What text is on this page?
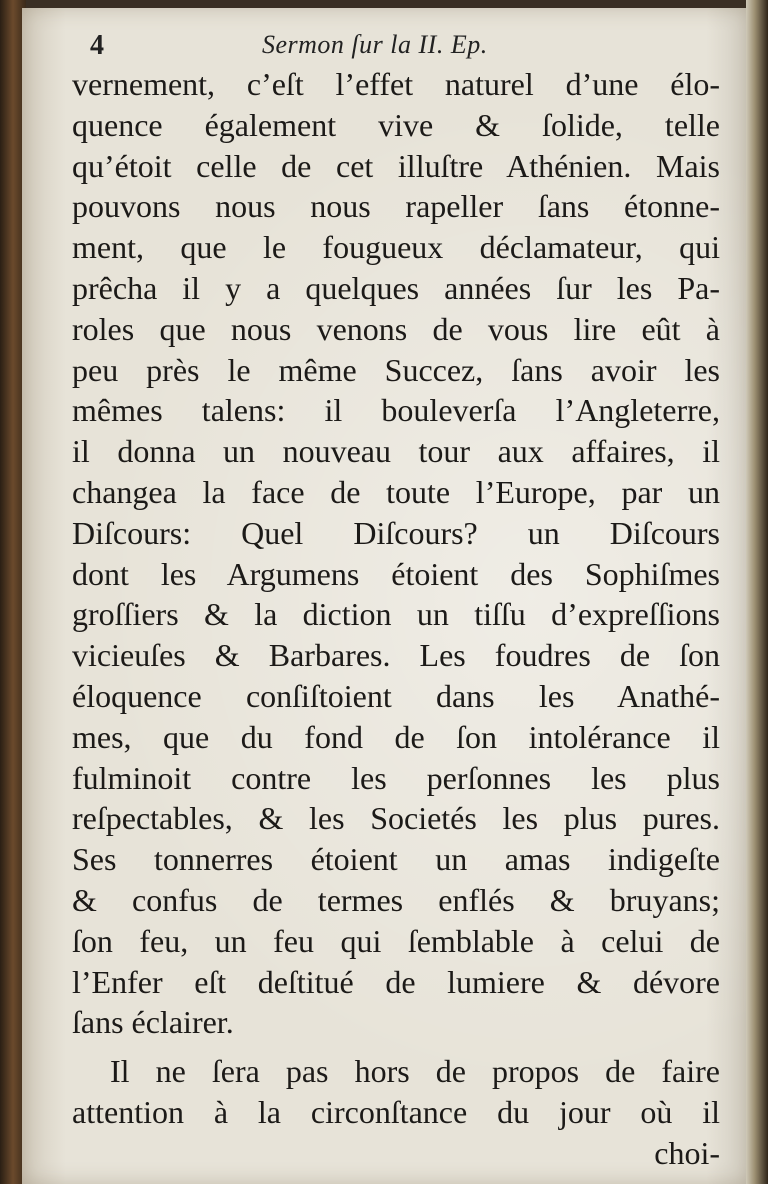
4	Sermon ſur la II. Ep.
vernement, c’eſt l’effet naturel d’une élo-
quence également vive & ſolide, telle
qu’étoit celle de cet illuſtre Athénien. Mais
pouvons nous nous rapeller ſans étonne-
ment, que le fougueux déclamateur, qui
prêcha il y a quelques années ſur les Pa-
roles que nous venons de vous lire eût à
peu près le même Succez, ſans avoir les
mêmes talens: il bouleverſa l’Angleterre,
il donna un nouveau tour aux affaires, il
changea la face de toute l’Europe, par un
Diſcours: Quel Diſcours? un Diſcours
dont les Argumens étoient des Sophiſmes
groſſiers & la diction un tiſſu d’expreſſions
vicieuſes & Barbares. Les foudres de ſon
éloquence conſiſtoient dans les Anathé-
mes, que du fond de ſon intolérance il
fulminoit contre les perſonnes les plus
reſpectables, & les Societés les plus pures.
Ses tonnerres étoient un amas indigeſte
& confus de termes enflés & bruyans;
ſon feu, un feu qui ſemblable à celui de
l’Enfer eſt deſtitué de lumiere & dévore
ſans éclairer.
Il ne ſera pas hors de propos de faire
attention à la circonſtance du jour où il
choi-
